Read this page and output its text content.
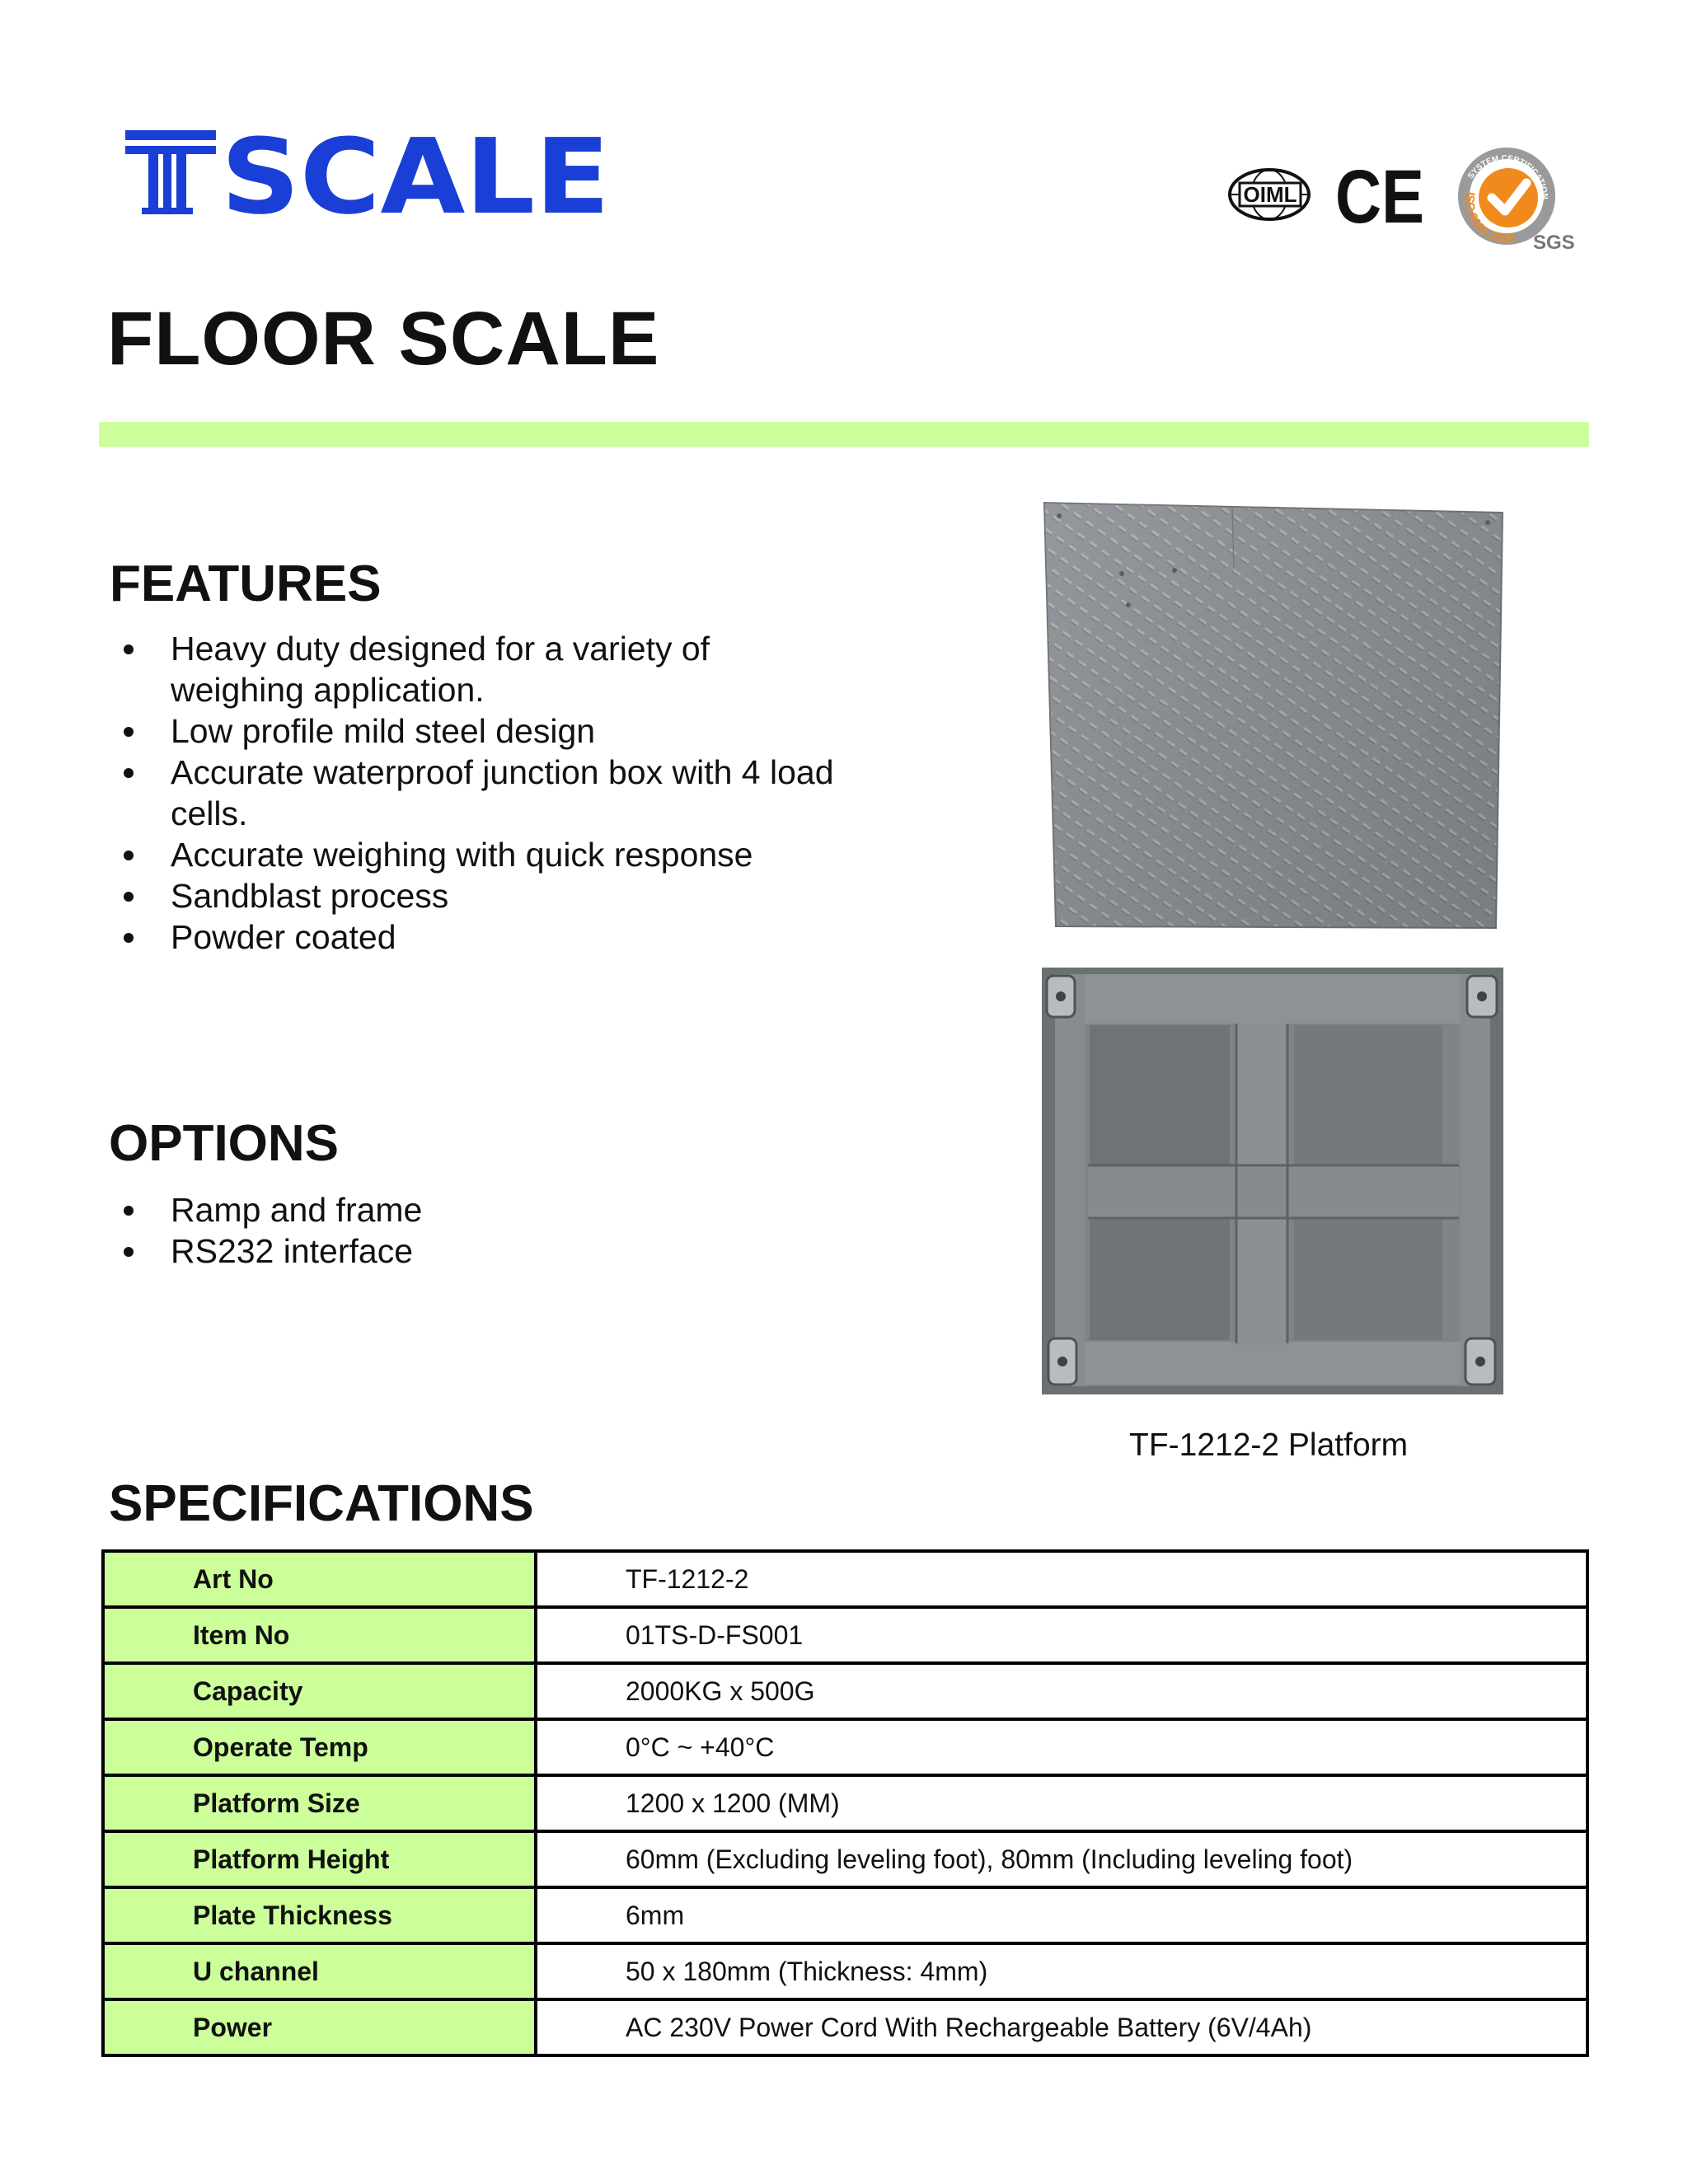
SCALE	OIML CE	SYSTEM CERTIFICATION
ISO 9001:2000 SGS
FLOOR SCALE
FEATURES
Heavy duty designed for a variety of weighing application.
Low profile mild steel design
Accurate waterproof junction box with 4 load cells.
Accurate weighing with quick response
Sandblast process
Powder coated
OPTIONS
Ramp and frame
RS232 interface
TF-1212-2 Platform
SPECIFICATIONS
Art No	TF-1212-2
Item No	01TS-D-FS001
Capacity	2000KG x 500G
Operate Temp	0°C ~ +40°C
Platform Size	1200 x 1200 (MM)
Platform Height	60mm (Excluding leveling foot), 80mm (Including leveling foot)
Plate Thickness	6mm
U channel	50 x 180mm (Thickness: 4mm)
Power	AC 230V Power Cord With Rechargeable Battery (6V/4Ah)
